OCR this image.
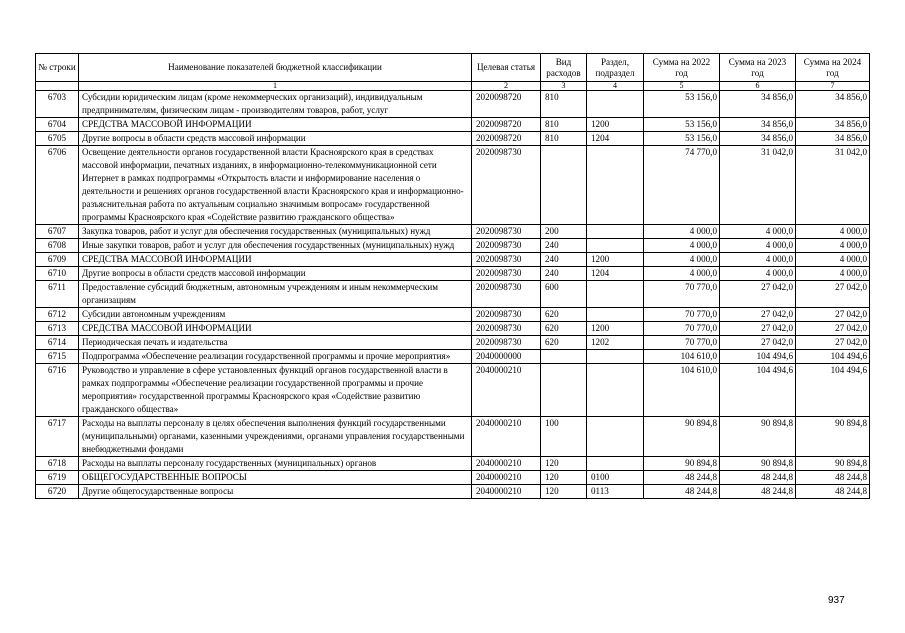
№ строки	Наименование показателей бюджетной классификации	Целевая статья	Вид расходов	Раздел, подраздел	Сумма на 2022 год	Сумма на 2023 год	Сумма на 2024 год
	1	2	3	4	5	6	7
6703	Субсидии юридическим лицам (кроме некоммерческих организаций), индивидуальным предпринимателям, физическим лицам - производителям товаров, работ, услуг	2020098720	810		53 156,0	34 856,0	34 856,0
6704	СРЕДСТВА МАССОВОЙ ИНФОРМАЦИИ	2020098720	810	1200	53 156,0	34 856,0	34 856,0
6705	Другие вопросы в области средств массовой информации	2020098720	810	1204	53 156,0	34 856,0	34 856,0
6706	Освещение деятельности органов государственной власти Красноярского края в средствах массовой информации, печатных изданиях, в информационно-телекоммуникационной сети Интернет в рамках подпрограммы «Открытость власти и информирование населения о деятельности и решениях органов государственной власти Красноярского края и информационно-разъяснительная работа по актуальным социально значимым вопросам» государственной программы Красноярского края «Содействие развитию гражданского общества»	2020098730			74 770,0	31 042,0	31 042,0
6707	Закупка товаров, работ и услуг для обеспечения государственных (муниципальных) нужд	2020098730	200		4 000,0	4 000,0	4 000,0
6708	Иные закупки товаров, работ и услуг для обеспечения государственных (муниципальных) нужд	2020098730	240		4 000,0	4 000,0	4 000,0
6709	СРЕДСТВА МАССОВОЙ ИНФОРМАЦИИ	2020098730	240	1200	4 000,0	4 000,0	4 000,0
6710	Другие вопросы в области средств массовой информации	2020098730	240	1204	4 000,0	4 000,0	4 000,0
6711	Предоставление субсидий бюджетным, автономным учреждениям и иным некоммерческим организациям	2020098730	600		70 770,0	27 042,0	27 042,0
6712	Субсидии автономным учреждениям	2020098730	620		70 770,0	27 042,0	27 042,0
6713	СРЕДСТВА МАССОВОЙ ИНФОРМАЦИИ	2020098730	620	1200	70 770,0	27 042,0	27 042,0
6714	Периодическая печать и издательства	2020098730	620	1202	70 770,0	27 042,0	27 042,0
6715	Подпрограмма «Обеспечение реализации государственной программы и прочие мероприятия»	2040000000			104 610,0	104 494,6	104 494,6
6716	Руководство и управление в сфере установленных функций органов государственной власти в рамках подпрограммы «Обеспечение реализации государственной программы и прочие мероприятия» государственной программы Красноярского края «Содействие развитию гражданского общества»	2040000210			104 610,0	104 494,6	104 494,6
6717	Расходы на выплаты персоналу в целях обеспечения выполнения функций государственными (муниципальными) органами, казенными учреждениями, органами управления государственными внебюджетными фондами	2040000210	100		90 894,8	90 894,8	90 894,8
6718	Расходы на выплаты персоналу государственных (муниципальных) органов	2040000210	120		90 894,8	90 894,8	90 894,8
6719	ОБЩЕГОСУДАРСТВЕННЫЕ ВОПРОСЫ	2040000210	120	0100	48 244,8	48 244,8	48 244,8
6720	Другие общегосударственные вопросы	2040000210	120	0113	48 244,8	48 244,8	48 244,8
937
